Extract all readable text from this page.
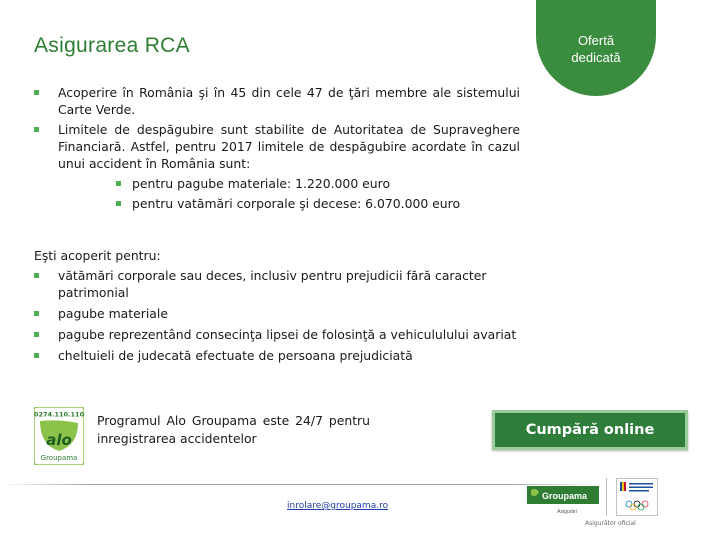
Asigurarea RCA	Ofertă
dedicată
Acoperire în România şi în 45 din cele 47 de ţări membre ale sistemului Carte Verde.
Limitele de despăgubire sunt stabilite de Autoritatea de Supraveghere Financiară. Astfel, pentru 2017 limitele de despăgubire acordate în cazul unui accident în România sunt:
pentru pagube materiale: 1.220.000 euro
pentru vatămări corporale şi decese: 6.070.000 euro
Eşti acoperit pentru:
vătămări corporale sau deces, inclusiv pentru prejudicii fără caracter patrimonial
pagube materiale
pagube reprezentând consecinţa lipsei de folosinţă a vehicululului avariat
cheltuieli de judecată efectuate de persoana prejudiciată
0274.110.110
alo
Groupama
Programul Alo Groupama este 24/7 pentru inregistrarea accidentelor
Cumpără online
inrolare@groupama.ro
Groupama
Asigurări
Asigurător oficial
